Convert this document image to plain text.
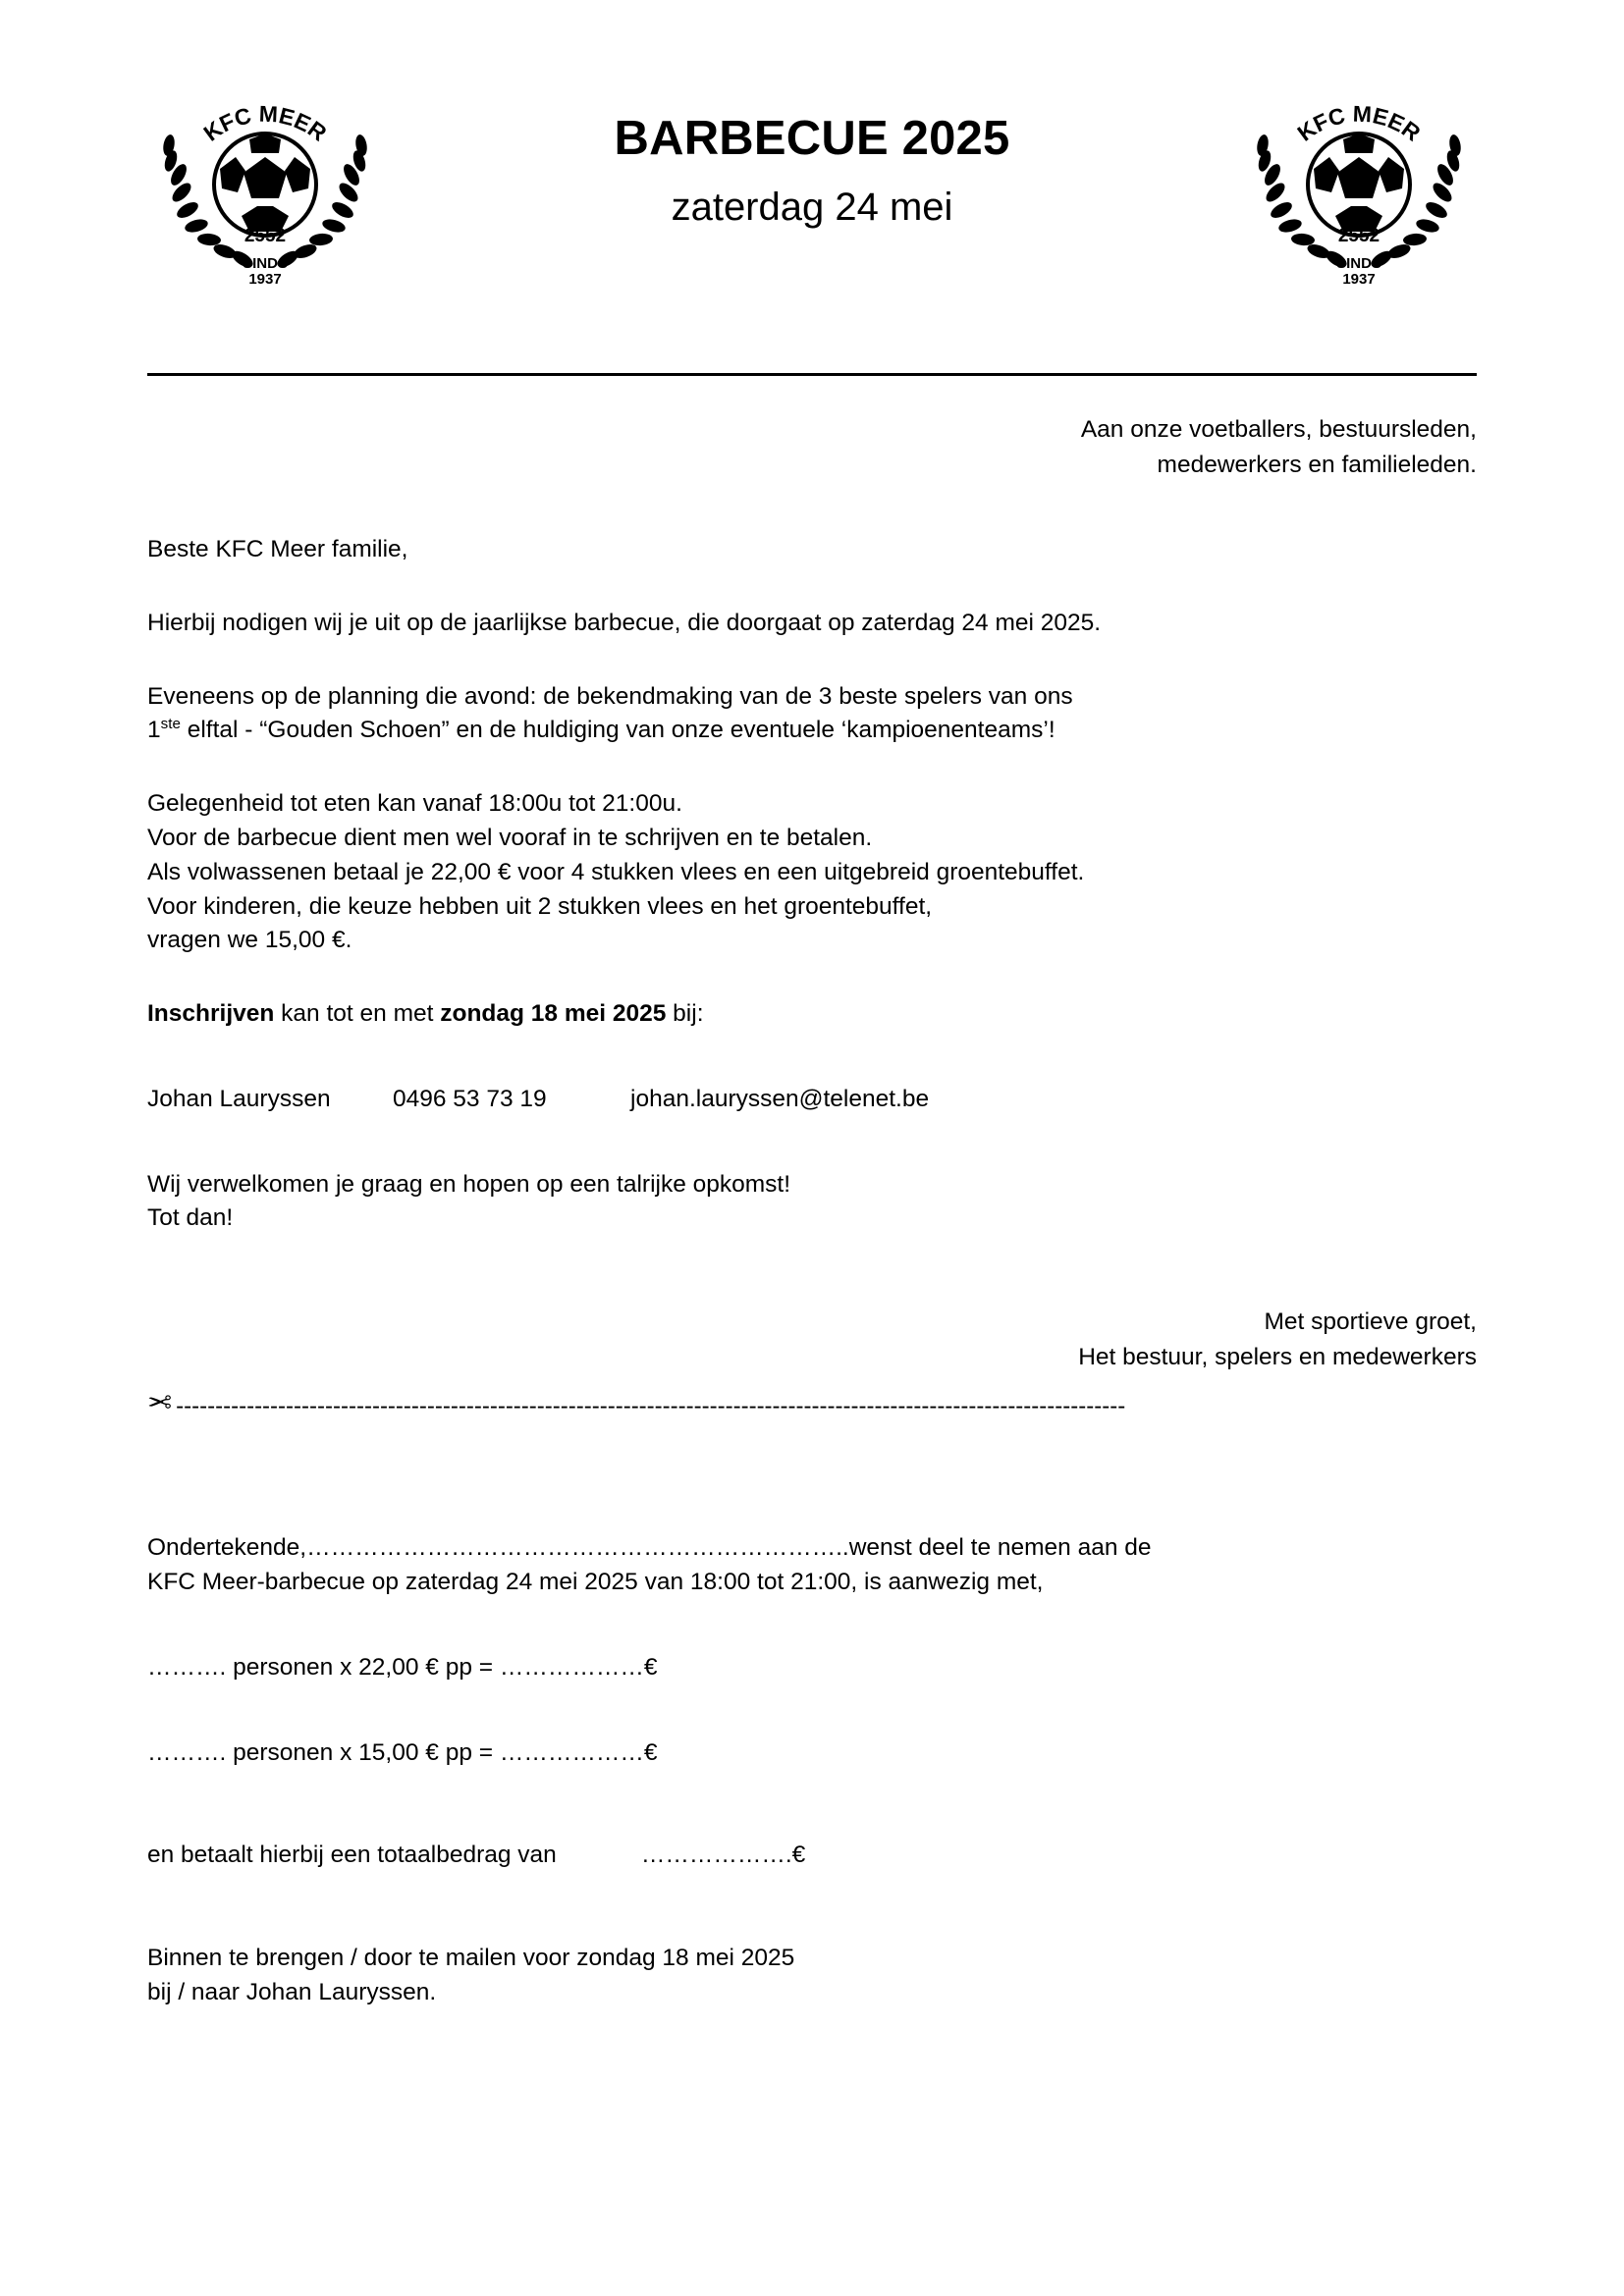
KFC MEER
2552
SINDS
1937
BARBECUE 2025
zaterdag 24 mei
KFC MEER
2552
SINDS
1937
Aan onze voetballers, bestuursleden,
medewerkers en familieleden.

Beste KFC Meer familie,

Hierbij nodigen wij je uit op de jaarlijkse barbecue, die doorgaat op zaterdag 24 mei 2025.

Eveneens op de planning die avond: de bekendmaking van de 3 beste spelers van ons

1ste elftal - “Gouden Schoen” en de huldiging van onze eventuele ‘kampioenenteams’!

Gelegenheid tot eten kan vanaf 18:00u tot 21:00u.

Voor de barbecue dient men wel vooraf in te schrijven en te betalen.

Als volwassenen betaal je 22,00 € voor 4 stukken vlees en een uitgebreid groentebuffet.

Voor kinderen, die keuze hebben uit 2 stukken vlees en het groentebuffet,

vragen we 15,00 €.

Inschrijven kan tot en met zondag 18 mei 2025 bij:

Johan Lauryssen	0496 53 73 19	johan.lauryssen@telenet.be

Wij verwelkomen je graag en hopen op een talrijke opkomst!

Tot dan!

Met sportieve groet,
Het bestuur, spelers en medewerkers
✂ -------------------------------------------------------------------------------------------------------------------------

Ondertekende,…………………………………………………………..wenst deel te nemen aan de

KFC Meer-barbecue op zaterdag 24 mei 2025 van 18:00 tot 21:00, is aanwezig met,

………. personen x 22,00 € pp = ………………€

………. personen x 15,00 € pp = ………………€

en betaalt hierbij een totaalbedrag van	……………….€

Binnen te brengen / door te mailen voor zondag 18 mei 2025

bij / naar Johan Lauryssen.
